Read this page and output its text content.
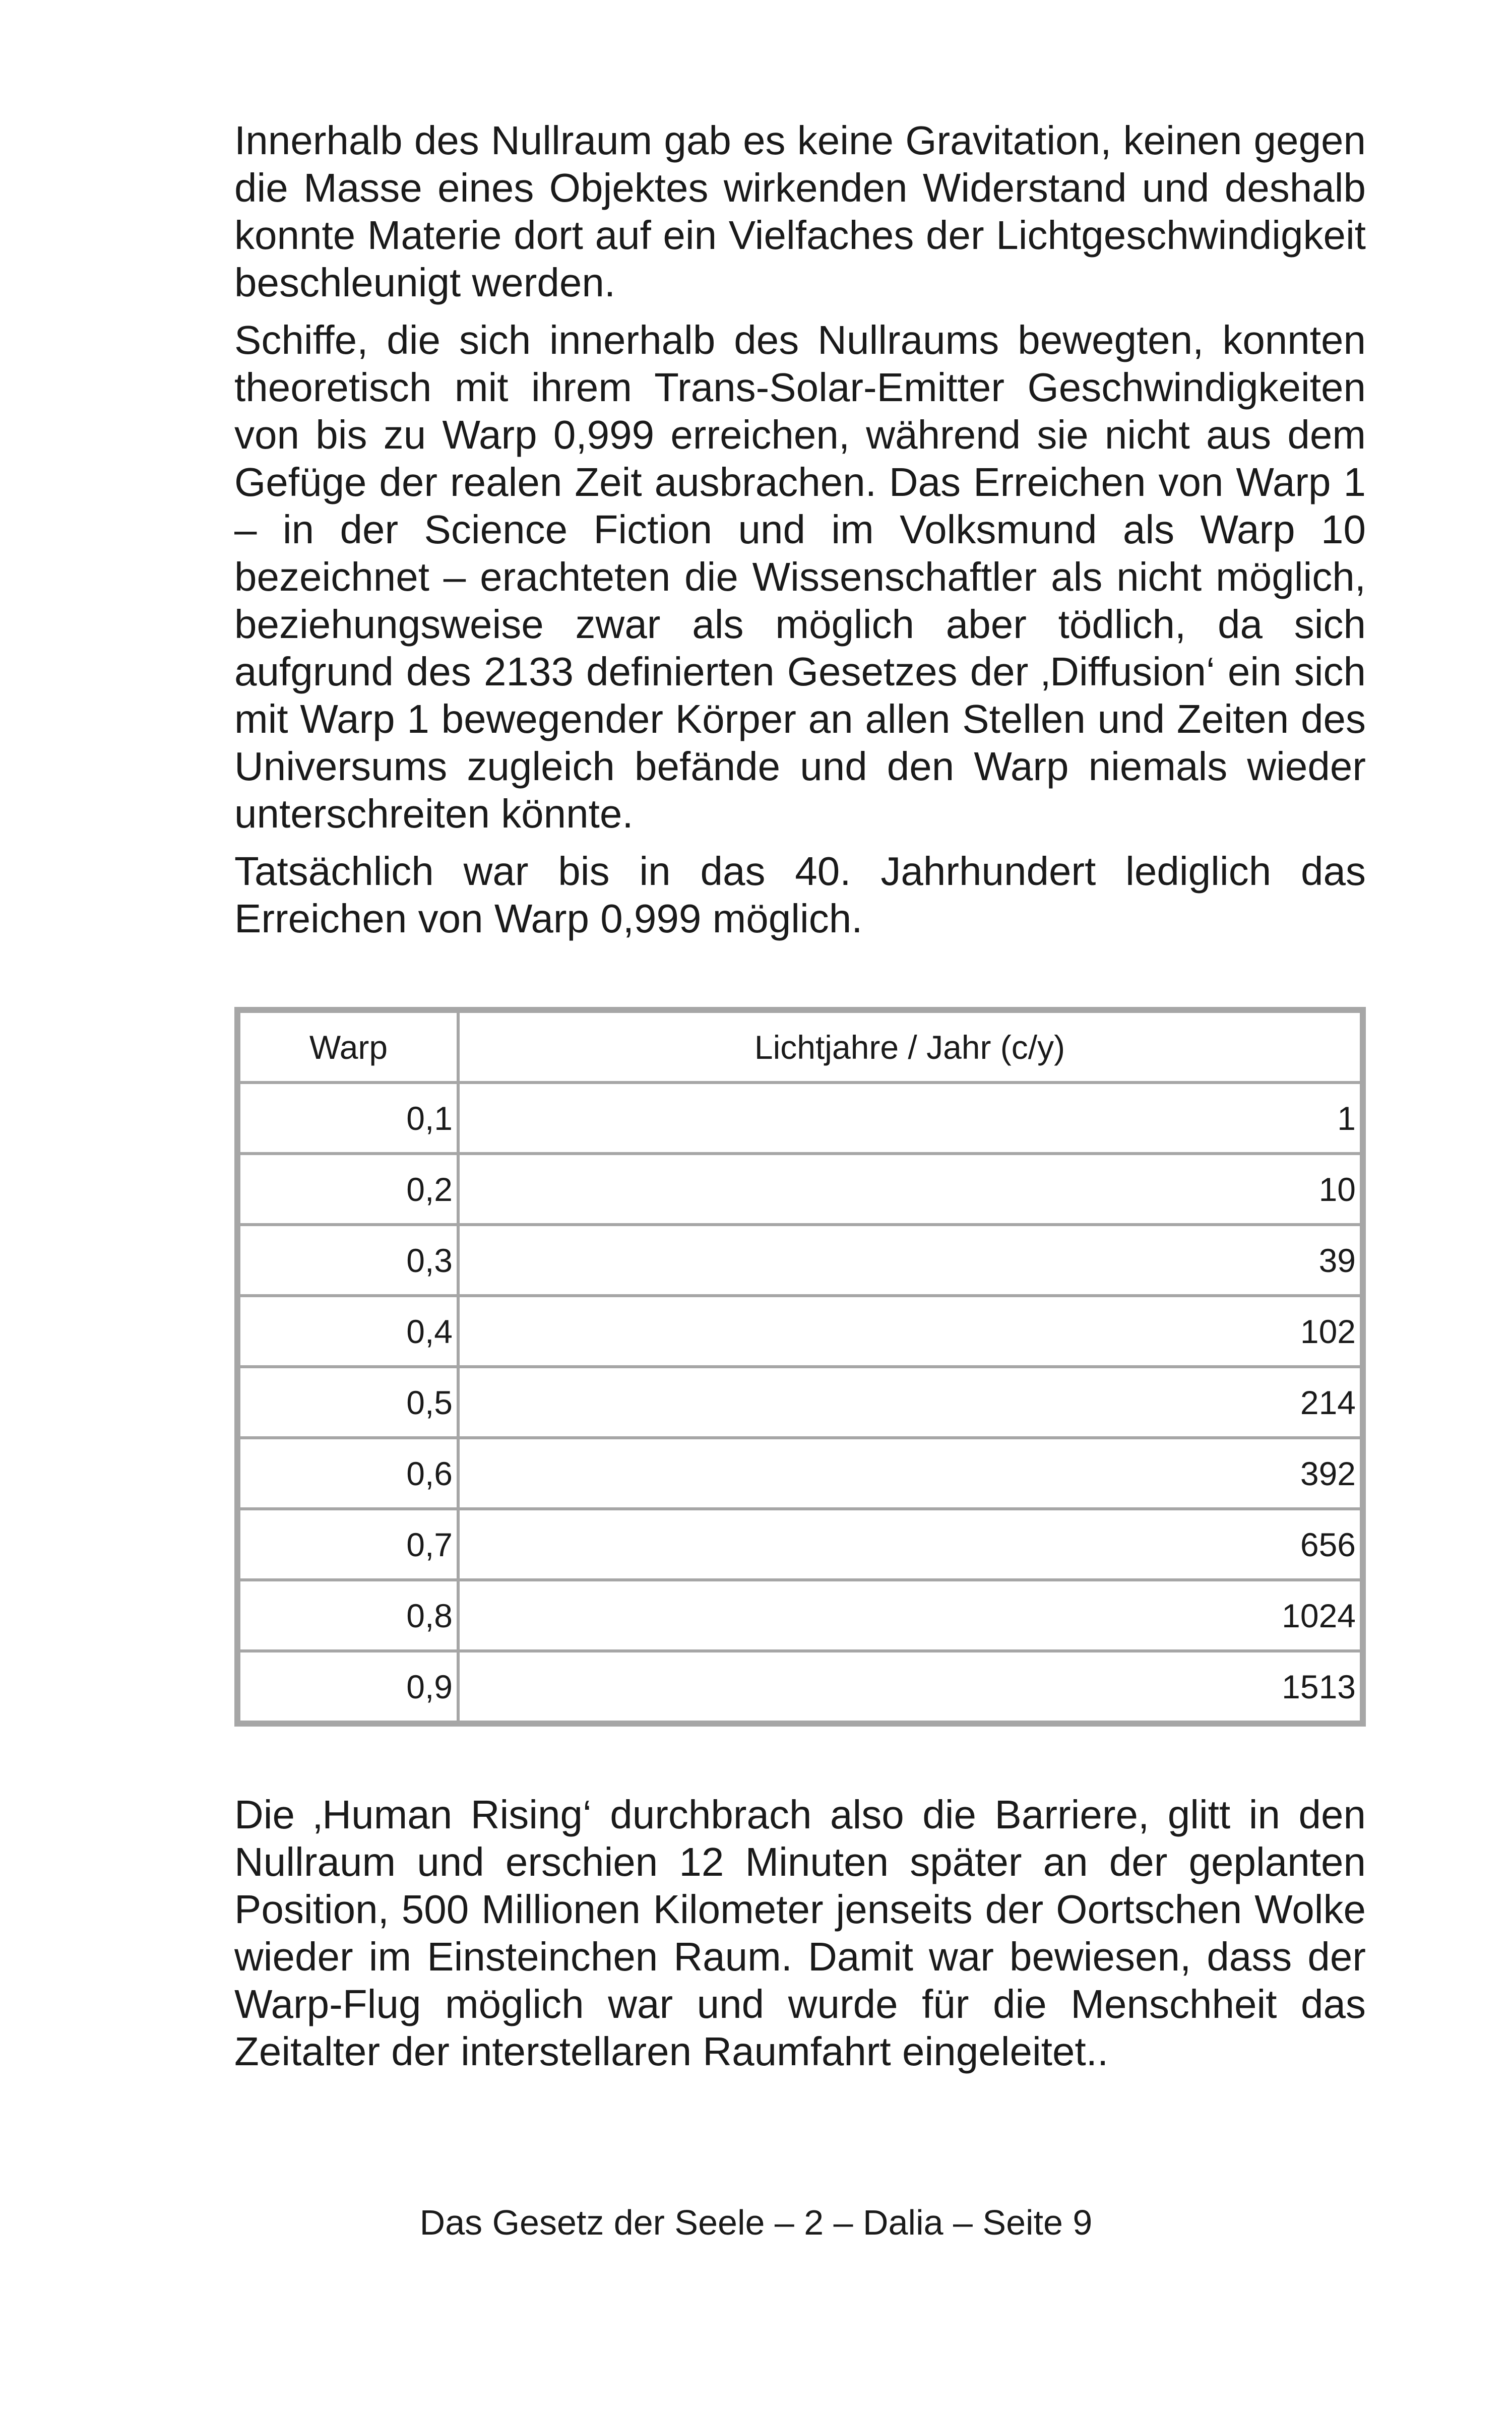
Innerhalb des Nullraum gab es keine Gravitation, keinen gegen die Masse eines Objektes wirkenden Widerstand und deshalb konnte Materie dort auf ein Vielfaches der Lichtgeschwindigkeit beschleunigt werden.

Schiffe, die sich innerhalb des Nullraums bewegten, konnten theoretisch mit ihrem Trans-Solar-Emitter Geschwindigkeiten von bis zu Warp 0,999 erreichen, während sie nicht aus dem Gefüge der realen Zeit ausbrachen. Das Erreichen von Warp 1 – in der Science Fiction und im Volksmund als Warp 10 bezeichnet – erachteten die Wissenschaftler als nicht möglich, beziehungsweise zwar als möglich aber tödlich, da sich aufgrund des 2133 definierten Gesetzes der ‚Diffusion‘ ein sich mit Warp 1 bewegender Körper an allen Stellen und Zeiten des Universums zugleich befände und den Warp niemals wieder unterschreiten könnte.

Tatsächlich war bis in das 40. Jahrhundert lediglich das Erreichen von Warp 0,999 möglich.

Warp	Lichtjahre / Jahr (c/y)
0,1	1
0,2	10
0,3	39
0,4	102
0,5	214
0,6	392
0,7	656
0,8	1024
0,9	1513

Die ‚Human Rising‘ durchbrach also die Barriere, glitt in den Nullraum und erschien 12 Minuten später an der geplanten Position, 500 Millionen Kilometer jenseits der Oortschen Wolke wieder im Einsteinchen Raum. Damit war bewiesen, dass der Warp-Flug möglich war und wurde für die Menschheit das Zeitalter der interstellaren Raumfahrt eingeleitet..

Das Gesetz der Seele – 2 – Dalia – Seite 9
